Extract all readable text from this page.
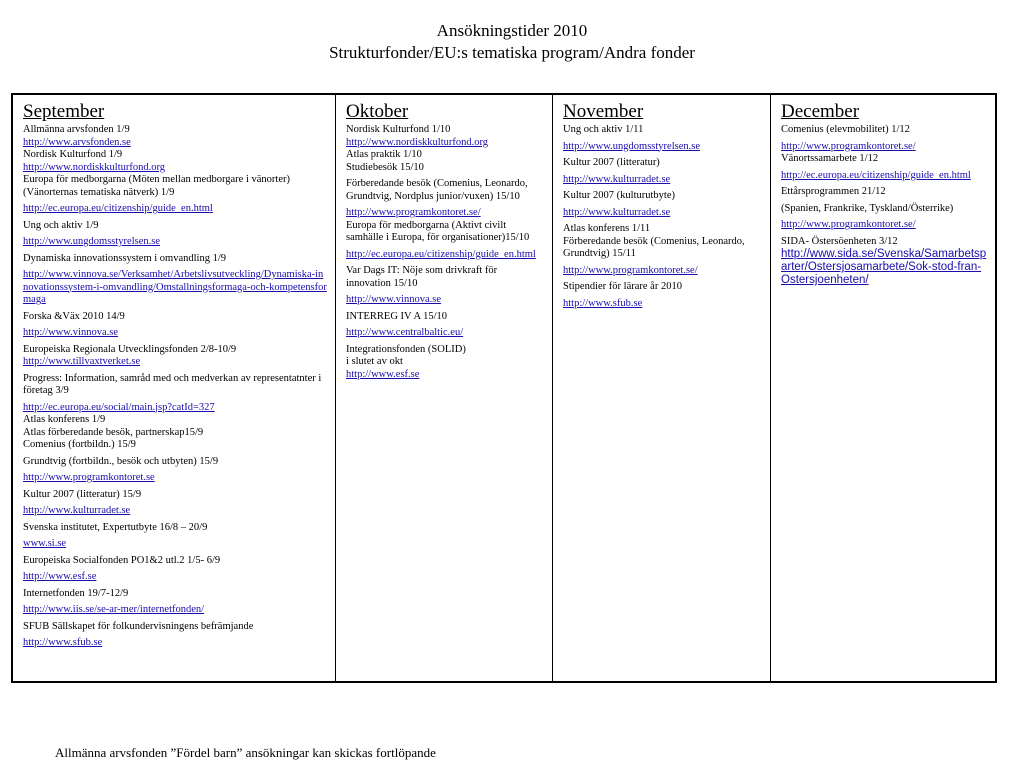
Ansökningstider 2010
Strukturfonder/EU:s tematiska program/Andra fonder
September
Allmänna arvsfonden 1/9
http://www.arvsfonden.se
Nordisk Kulturfond 1/9
http://www.nordiskkulturfond.org
Europa för medborgarna (Möten mellan medborgare i vänorter)(Vänorternas tematiska nätverk) 1/9
http://ec.europa.eu/citizenship/guide_en.html
Ung och aktiv 1/9
http://www.ungdomsstyrelsen.se
Dynamiska innovationssystem i omvandling 1/9
http://www.vinnova.se/Verksamhet/Arbetslivsutveckling/Dynamiska-innovationssystem-i-omvandling/Omstallningsformaga-och-kompetensformaga
Forska &Väx 2010 14/9
http://www.vinnova.se
Europeiska Regionala Utvecklingsfonden 2/8-10/9
http://www.tillvaxtverket.se
Progress: Information, samråd med och medverkan av representatnter i företag 3/9
http://ec.europa.eu/social/main.jsp?catId=327
Atlas konferens 1/9
Atlas förberedande besök, partnerskap15/9
Comenius (fortbildn.) 15/9
Grundtvig (fortbildn., besök och utbyten) 15/9
http://www.programkontoret.se
Kultur 2007 (litteratur) 15/9
http://www.kulturradet.se
Svenska institutet, Expertutbyte 16/8 – 20/9
www.si.se
Europeiska Socialfonden PO1&2 utl.2 1/5- 6/9
http://www.esf.se
Internetfonden 19/7-12/9
http://www.iis.se/se-ar-mer/internetfonden/
SFUB Sällskapet för folkundervisningens befrämjande
http://www.sfub.se
Oktober
Nordisk Kulturfond 1/10
http://www.nordiskkulturfond.org
Atlas praktik 1/10
Studiebesök 15/10
Förberedande besök (Comenius, Leonardo, Grundtvig, Nordplus junior/vuxen) 15/10
http://www.programkontoret.se/
Europa för medborgarna (Aktivt civilt samhälle i Europa, för organisationer)15/10
http://ec.europa.eu/citizenship/guide_en.html
Var Dags IT: Nöje som drivkraft för innovation 15/10
http://www.vinnova.se
INTERREG IV A 15/10
http://www.centralbaltic.eu/
Integrationsfonden (SOLID)
i slutet av okt
http://www.esf.se
November
Ung och aktiv 1/11
http://www.ungdomsstyrelsen.se
Kultur 2007 (litteratur)
http://www.kulturradet.se
Kultur 2007 (kulturutbyte)
http://www.kulturradet.se
Atlas konferens 1/11
Förberedande besök (Comenius, Leonardo, Grundtvig) 15/11
http://www.programkontoret.se/
Stipendier för lärare år 2010
http://www.sfub.se
December
Comenius (elevmobilitet) 1/12
http://www.programkontoret.se/
Vänortssamarbete 1/12
http://ec.europa.eu/citizenship/guide_en.html
Ettårsprogrammen 21/12
(Spanien, Frankrike, Tyskland/Österrike)
http://www.programkontoret.se/
SIDA- Östersöenheten 3/12
http://www.sida.se/Svenska/Samarbetsparter/Ostersjosamarbete/Sok-stod-fran-Ostersjoenheten/
Allmänna arvsfonden ”Fördel barn” ansökningar kan skickas fortlöpande
